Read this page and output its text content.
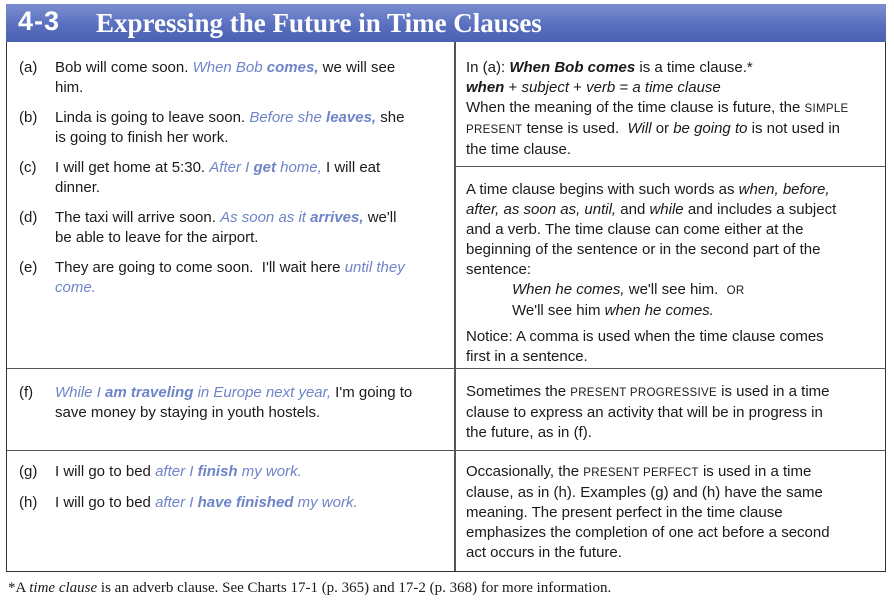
4-3 Expressing the Future in Time Clauses
(a) Bob will come soon. When Bob comes, we will see
him.
(b) Linda is going to leave soon. Before she leaves, she
is going to finish her work.
(c) I will get home at 5:30. After I get home, I will eat
dinner.
(d) The taxi will arrive soon. As soon as it arrives, we'll
be able to leave for the airport.
(e) They are going to come soon.  I'll wait here until they
come.
(f) While I am traveling in Europe next year, I'm going to
save money by staying in youth hostels.
(g) I will go to bed after I finish my work.
(h) I will go to bed after I have finished my work.
In (a): When Bob comes is a time clause.*
when + subject + verb = a time clause
When the meaning of the time clause is future, the SIMPLE
PRESENT tense is used. Will or be going to is not used in
the time clause.
A time clause begins with such words as when, before,
after, as soon as, until, and while and includes a subject
and a verb. The time clause can come either at the
beginning of the sentence or in the second part of the
sentence:
When he comes, we'll see him. OR
We'll see him when he comes.
Notice: A comma is used when the time clause comes
first in a sentence.
Sometimes the PRESENT PROGRESSIVE is used in a time
clause to express an activity that will be in progress in
the future, as in (f).
Occasionally, the PRESENT PERFECT is used in a time
clause, as in (h). Examples (g) and (h) have the same
meaning. The present perfect in the time clause
emphasizes the completion of one act before a second
act occurs in the future.
*A time clause is an adverb clause. See Charts 17-1 (p. 365) and 17-2 (p. 368) for more information.
